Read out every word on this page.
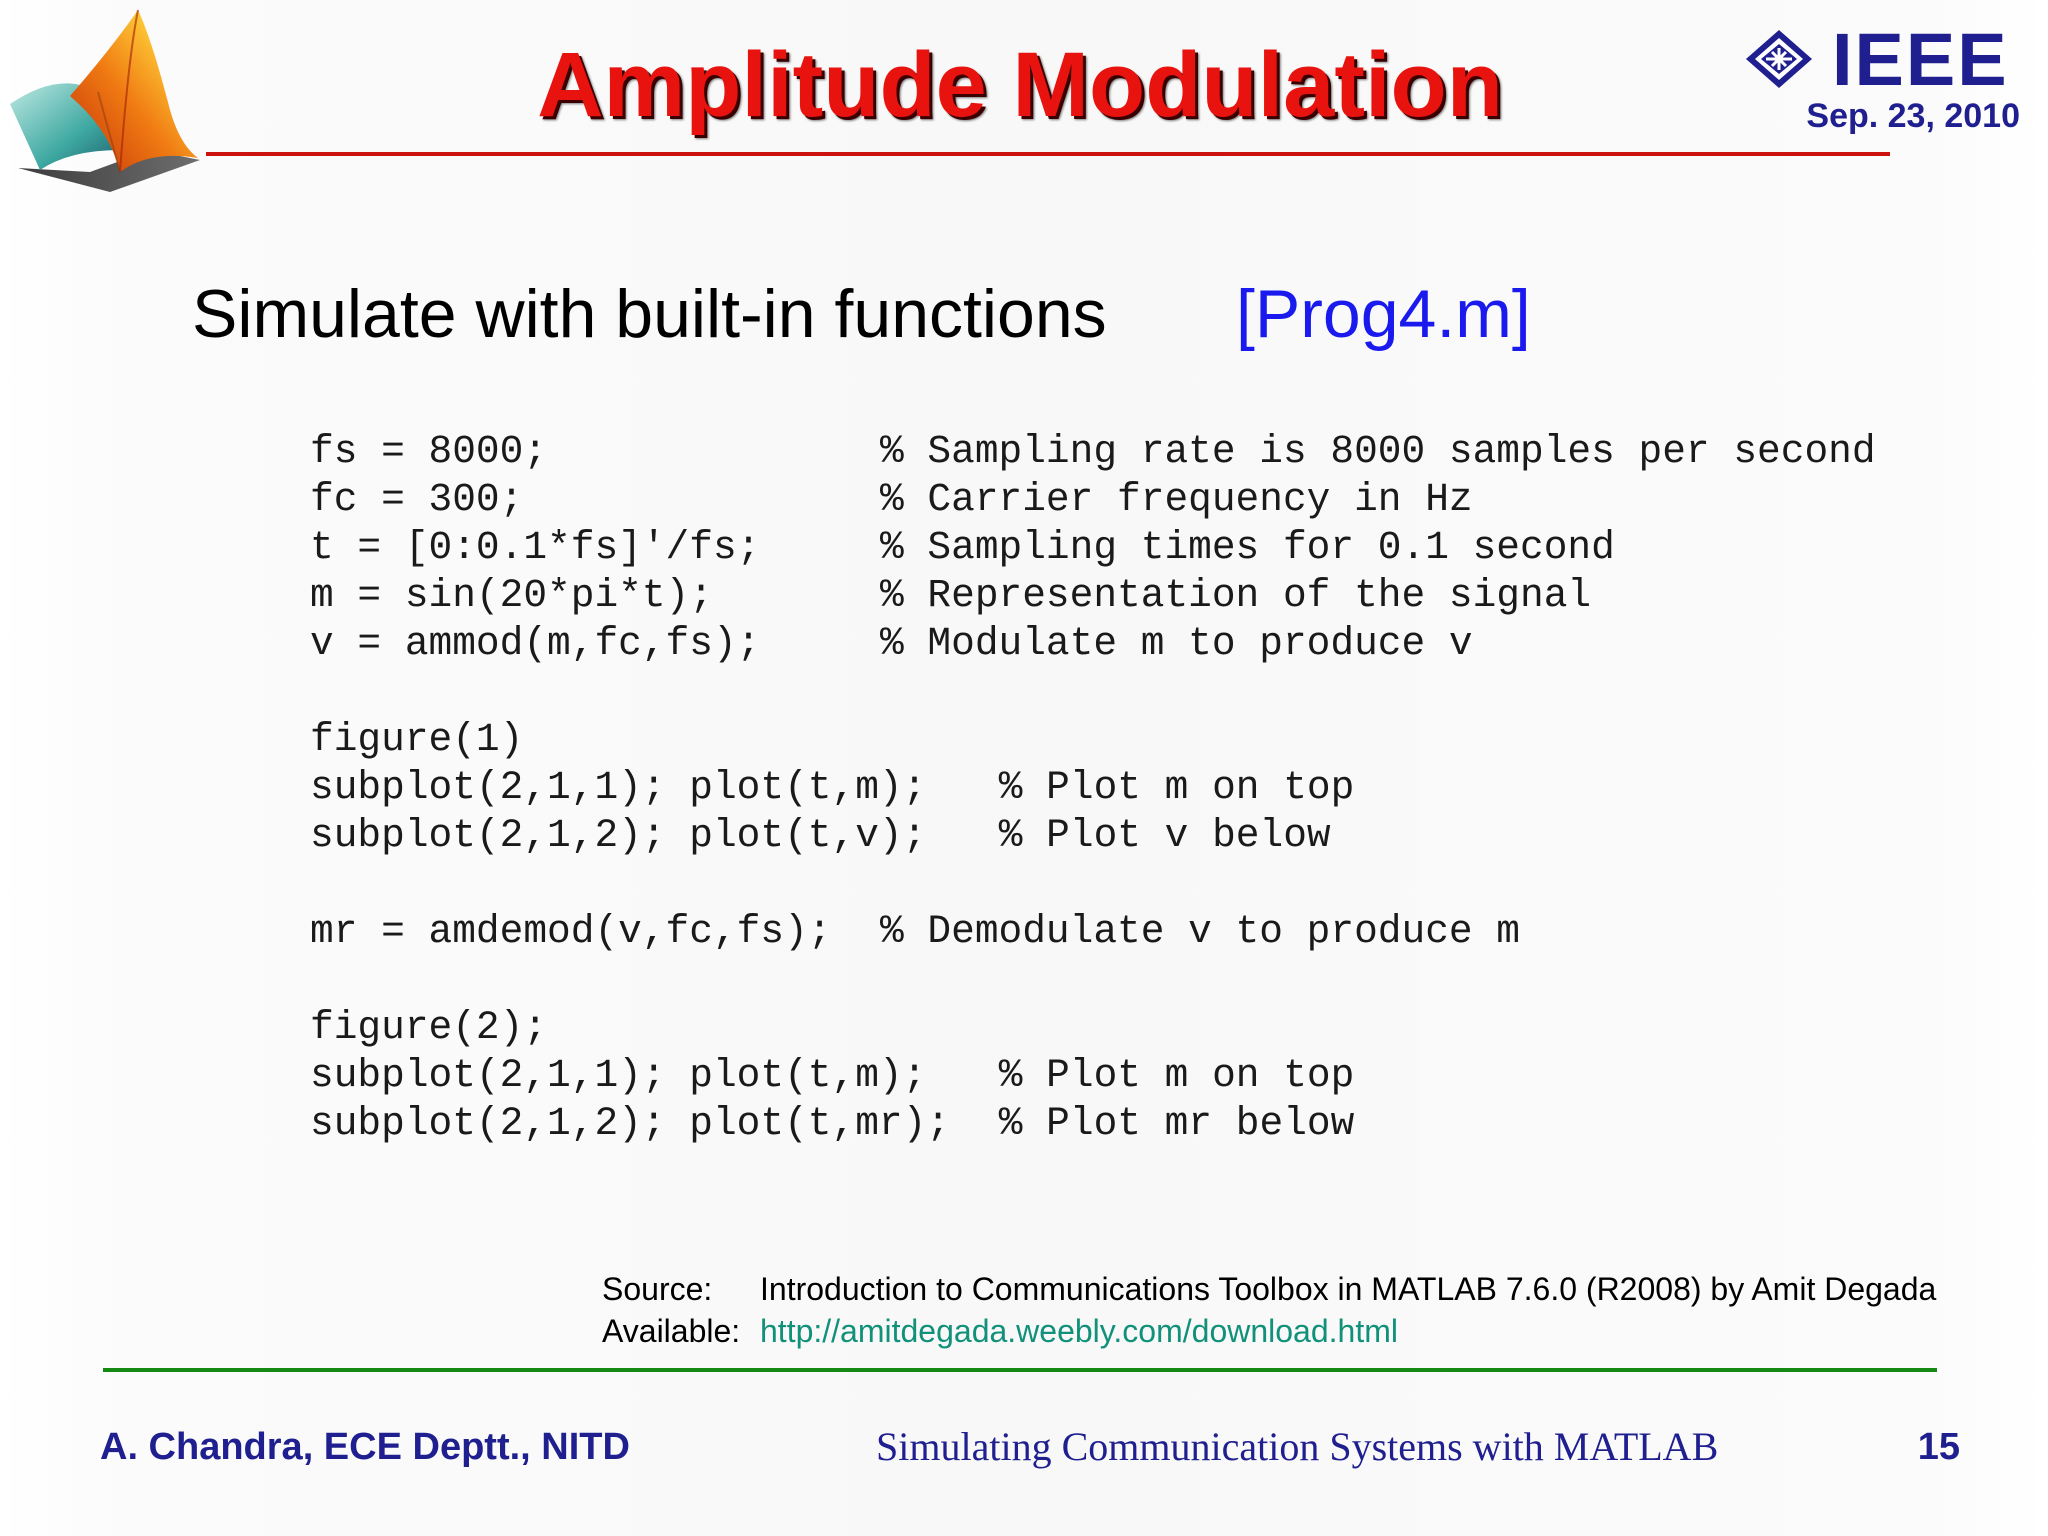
Amplitude Modulation	IEEE
Sep. 23, 2010
Simulate with built-in functions [Prog4.m]
fs = 8000;	% Sampling rate is 8000 samples per second
fc = 300;	% Carrier frequency in Hz
t = [0:0.1*fs]'/fs;	% Sampling times for 0.1 second
m = sin(20*pi*t);	% Representation of the signal
v = ammod(m,fc,fs);	% Modulate m to produce v
figure(1)
subplot(2,1,1); plot(t,m); % Plot m on top
subplot(2,1,2); plot(t,v); % Plot v below
mr = amdemod(v,fc,fs); % Demodulate v to produce m
figure(2);
subplot(2,1,1); plot(t,m); % Plot m on top
subplot(2,1,2); plot(t,mr); % Plot mr below
Source: Introduction to Communications Toolbox in MATLAB 7.6.0 (R2008) by Amit Degada
Available: http://amitdegada.weebly.com/download.html
A. Chandra, ECE Deptt., NITD	Simulating Communication Systems with MATLAB	15
